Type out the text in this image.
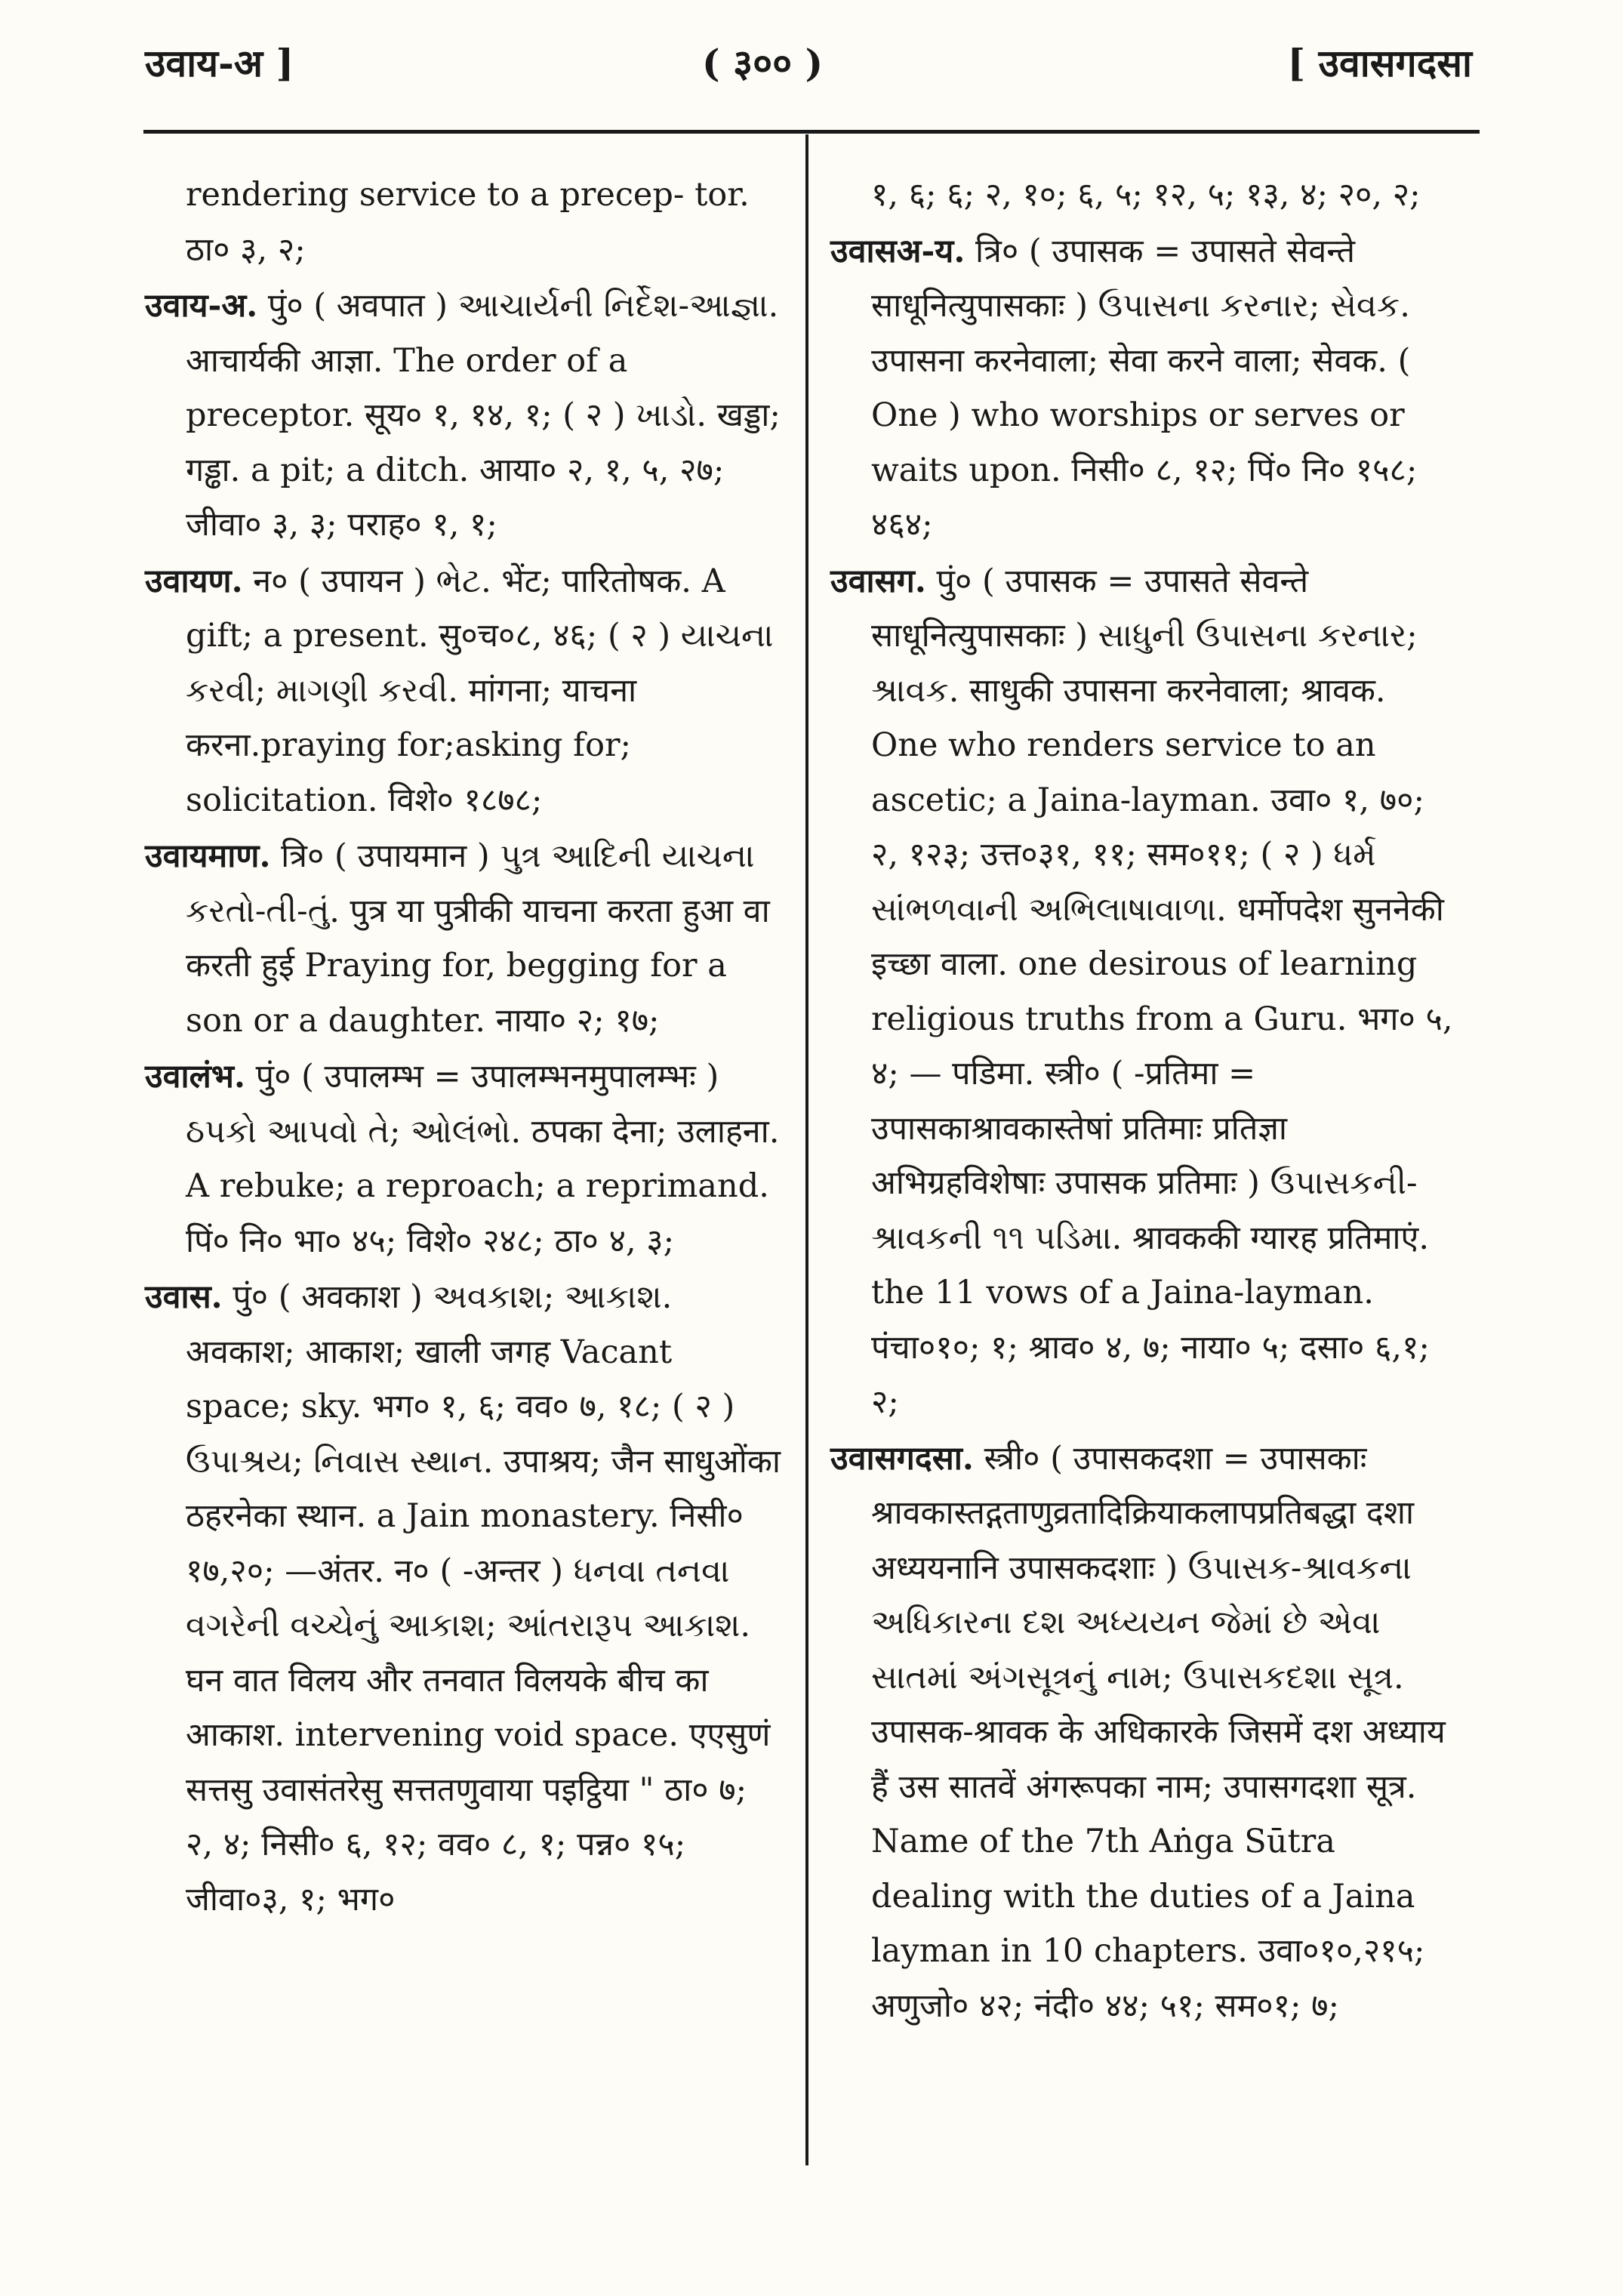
उवाय-अ ]	( ३०० )	[ उवासगदसा

rendering service to a precep- tor. ठा० ३, २;

उवाय-अ. पुं० ( अवपात ) આચાર્યની નિર્દેશ-આજ્ઞા. आचार्यकी आज्ञा. The order of a preceptor. सूय० १, १४, १; ( २ ) ખાડો. खड्डा; गड्ढा. a pit; a ditch. आया० २, १, ५, २७; जीवा० ३, ३; पराह० १, १;

उवायण. न० ( उपायन ) ભેટ. भेंट; पारितोषक. A gift; a present. सु०च०८, ४६; ( २ ) યાચના કરવી; માગણી કરવી. मांगना; याचना करना.praying for;asking for; solicitation. विशे० १८७८;

उवायमाण. त्रि० ( उपायमान ) પુત્ર આદિની યાચના કરતો-તી-તું. पुत्र या पुत्रीकी याचना करता हुआ वा करती हुई Praying for, begging for a son or a daughter. नाया० २; १७;

उवालंभ. पुं० ( उपालम्भ = उपालम्भनमुपालम्भः ) ઠપકો આપવો તે; ઓલંભો. ठपका देना; उलाहना. A rebuke; a reproach; a reprimand. पिं० नि० भा० ४५; विशे० २४८; ठा० ४, ३;

उवास. पुं० ( अवकाश ) અવકાશ; આકાશ. अवकाश; आकाश; खाली जगह Vacant space; sky. भग० १, ६; वव० ७, १८; ( २ ) ઉપાશ્રય; નિવાસ સ્થાન. उपाश्रय; जैन साधुओंका ठहरनेका स्थान. a Jain monastery. निसी० १७,२०; —अंतर. न० ( -अन्तर ) ધનવા તનવા વગરેની વચ્ચેનું આકાશ; આંતરારૂપ આકાશ. घन वात विलय और तनवात विलयके बीच का आकाश. intervening void space. एएसुणं सत्तसु उवासंतरेसु सत्ततणुवाया पइट्ठिया " ठा० ७; २, ४; निसी० ६, १२; वव० ८, १; पन्न० १५; जीवा०३, १; भग०

१, ६; ६; २, १०; ६, ५; १२, ५; १३, ४; २०, २;

उवासअ-य. त्रि० ( उपासक = उपासते सेवन्ते साधूनित्युपासकाः ) ઉપાસના કરનાર; સેવક. उपासना करनेवाला; सेवा करने वाला; सेवक. ( One ) who worships or serves or waits upon. निसी० ८, १२; पिं० नि० १५८; ४६४;

उवासग. पुं० ( उपासक = उपासते सेवन्ते साधूनित्युपासकाः ) સાધુની ઉપાસના કરનાર; શ્રાવક. साधुकी उपासना करनेवाला; श्रावक. One who renders service to an ascetic; a Jaina-layman. उवा० १, ७०; २, १२३; उत्त०३१, ११; सम०११; ( २ ) ધર્મ સાંભળવાની અભિલાષાવાળા. धर्मोपदेश सुननेकी इच्छा वाला. one desirous of learning religious truths from a Guru. भग० ५, ४; — पडिमा. स्त्री० ( -प्रतिमा = उपासकाश्रावकास्तेषां प्रतिमाः प्रतिज्ञा अभिग्रहविशेषाः उपासक प्रतिमाः ) ઉપાસકની-શ્રાવકની ૧૧ પડિમા. श्रावककी ग्यारह प्रतिमाएं. the 11 vows of a Jaina-layman. पंचा०१०; १; श्राव० ४, ७; नाया० ५; दसा० ६,१; २;

उवासगदसा. स्त्री० ( उपासकदशा = उपासकाः श्रावकास्तद्गताणुव्रतादिक्रियाकलापप्रतिबद्धा दशा अध्ययनानि उपासकदशाः ) ઉપાસક-શ્રાવકના અધિકારના દશ અધ્યયન જેમાં છે એવા સાતમાં અંગસૂત્રનું નામ; ઉપાસકદશા સૂત્ર. उपासक-श्रावक के अधिकारके जिसमें दश अध्याय हैं उस सातवें अंगरूपका नाम; उपासगदशा सूत्र. Name of the 7th Aṅga Sūtra dealing with the duties of a Jaina layman in 10 chapters. उवा०१०,२१५; अणुजो० ४२; नंदी० ४४; ५१; सम०१; ७;
